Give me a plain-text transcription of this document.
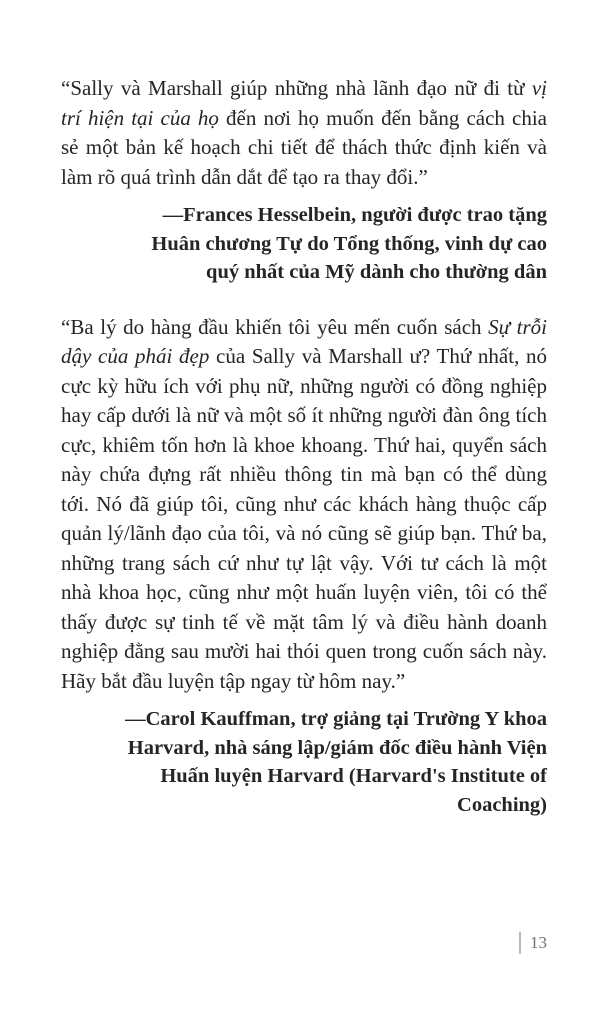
“Sally và Marshall giúp những nhà lãnh đạo nữ đi từ vị trí hiện tại của họ đến nơi họ muốn đến bằng cách chia sẻ một bản kế hoạch chi tiết để thách thức định kiến và làm rõ quá trình dẫn dắt để tạo ra thay đổi.”

—Frances Hesselbein, người được trao tặng Huân chương Tự do Tổng thống, vinh dự cao quý nhất của Mỹ dành cho thường dân

“Ba lý do hàng đầu khiến tôi yêu mến cuốn sách Sự trỗi dậy của phái đẹp của Sally và Marshall ư? Thứ nhất, nó cực kỳ hữu ích với phụ nữ, những người có đồng nghiệp hay cấp dưới là nữ và một số ít những người đàn ông tích cực, khiêm tốn hơn là khoe khoang. Thứ hai, quyển sách này chứa đựng rất nhiều thông tin mà bạn có thể dùng tới. Nó đã giúp tôi, cũng như các khách hàng thuộc cấp quản lý/lãnh đạo của tôi, và nó cũng sẽ giúp bạn. Thứ ba, những trang sách cứ như tự lật vậy. Với tư cách là một nhà khoa học, cũng như một huấn luyện viên, tôi có thể thấy được sự tinh tế về mặt tâm lý và điều hành doanh nghiệp đằng sau mười hai thói quen trong cuốn sách này. Hãy bắt đầu luyện tập ngay từ hôm nay.”

—Carol Kauffman, trợ giảng tại Trường Y khoa Harvard, nhà sáng lập/giám đốc điều hành Viện Huấn luyện Harvard (Harvard's Institute of Coaching)

13
